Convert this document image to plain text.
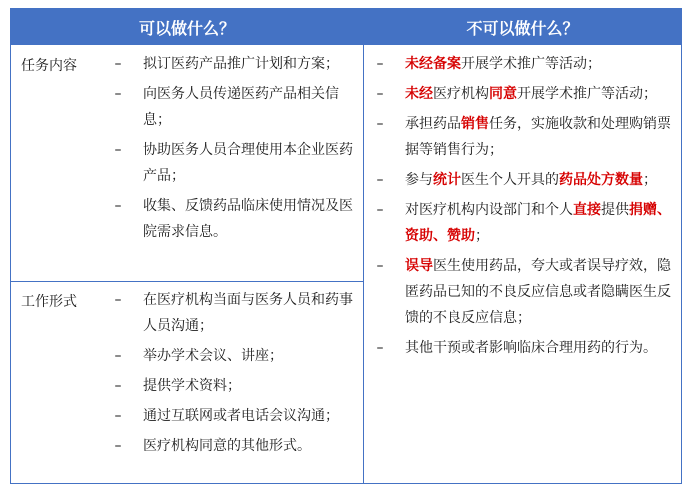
可以做什么？	不可以做什么？
任务内容
工作形式
– 拟订医药产品推广计划和方案；
– 向医务人员传递医药产品相关信息；
– 协助医务人员合理使用本企业医药产品；
– 收集、反馈药品临床使用情况及医院需求信息。
– 在医疗机构当面与医务人员和药事人员沟通；
– 举办学术会议、讲座；
– 提供学术资料；
– 通过互联网或者电话会议沟通；
– 医疗机构同意的其他形式。
– 未经备案开展学术推广等活动；
– 未经医疗机构同意开展学术推广等活动；
– 承担药品销售任务，实施收款和处理购销票据等销售行为；
– 参与统计医生个人开具的药品处方数量；
– 对医疗机构内设部门和个人直接提供捐赠、资助、赞助；
– 误导医生使用药品，夸大或者误导疗效，隐匿药品已知的不良反应信息或者隐瞒医生反馈的不良反应信息；
– 其他干预或者影响临床合理用药的行为。
